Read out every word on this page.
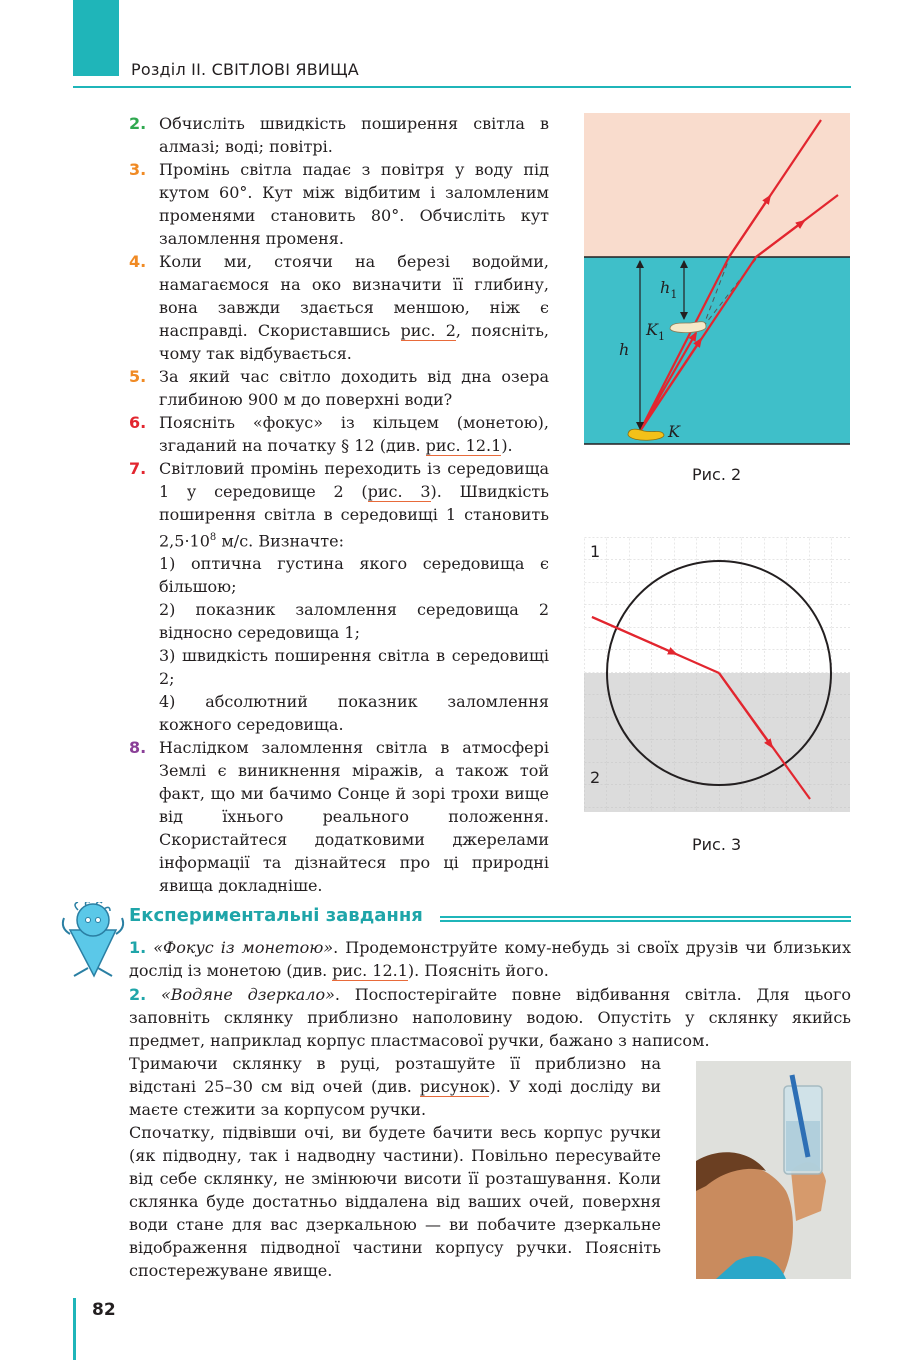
Розділ ІІ. СВІТЛОВІ ЯВИЩА
2. Обчисліть швидкість поширення світла в алмазі; воді; повітрі.
3. Промінь світла падає з повітря у воду під кутом 60°. Кут між відбитим і заломленим променями становить 80°. Обчисліть кут заломлення променя.
4. Коли ми, стоячи на березі водойми, намагаємося на око визначити її глибину, вона завжди здається меншою, ніж є насправді. Скориставшись рис. 2, поясніть, чому так відбувається.
5. За який час світло доходить від дна озера глибиною 900 м до поверхні води?
6. Поясніть «фокус» із кільцем (монетою), згаданий на початку § 12 (див. рис. 12.1).
7. Світловий промінь переходить із середовища 1 у середовище 2 (рис. 3). Швидкість поширення світла в середовищі 1 становить $2,5\cdot 10^8$ м/с. Визначте:
1) оптична густина якого середовища є більшою;
2) показник заломлення середовища 2 відносно середовища 1;
3) швидкість поширення світла в середовищі 2;
4) абсолютний показник заломлення кожного середовища.
8. Наслідком заломлення світла в атмосфері Землі є виникнення міражів, а також той факт, що ми бачимо Сонце й зорі трохи вище від їхнього реального положення. Скористайтеся додатковими джерелами інформації та дізнайтеся про ці природні явища докладніше.
h
$h_1$
$K_1$
K
Рис. 2
1
2
Рис. 3
Експериментальні завдання
1. «Фокус із монетою». Продемонструйте кому-небудь зі своїх друзів чи близьких дослід із монетою (див. рис. 12.1). Поясніть його.
2. «Водяне дзеркало». Поспостерігайте повне відбивання світла. Для цього заповніть склянку приблизно наполовину водою. Опустіть у склянку якийсь предмет, наприклад корпус пластмасової ручки, бажано з написом.
Тримаючи склянку в руці, розташуйте її приблизно на відстані 25–30 см від очей (див. рисунок). У ході досліду ви маєте стежити за корпусом ручки.
Спочатку, підвівши очі, ви будете бачити весь корпус ручки (як підводну, так і надводну частини). Повільно пересувайте від себе склянку, не змінюючи висоти її розташування. Коли склянка буде достатньо віддалена від ваших очей, поверхня води стане для вас дзеркальною — ви побачите дзеркальне відображення підводної частини корпусу ручки. Поясніть спостережуване явище.
82
